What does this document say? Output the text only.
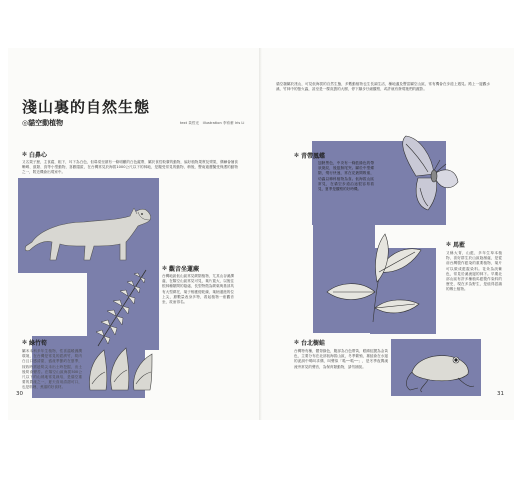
淺山裏的自然生態
◎貓空動植物	text 黃哲光　illustration 李宥蓁 Iris Li
✻ 白鼻心
又名果子狸，主食腐，粗下，耳下為白色，但鼻梁至頸有一條明顯的白色縱帶，屬於食性較廣的動物，偏好植物果實及漿果，偶爾會捕食蜥蜴、鼠類、鳥等小型動物，喜歡隱匿，在台灣常見於海拔1000公尺以下的林地，是擬受常見的動物，稍後，豐南過遭擬受保護的動物之一，附近機會出現家中。
✻ 觀音坐蓮蕨
台灣地區低山區常見蕨類植物，尤其山谷溪澗處，在陽空山區常見可見，葉片寬大，以後往根林種類間的蔭處，長型特徵為蕨葉與基部具有大型蕨托，葉子相應便乾燥，葉柄還進的位上尖，據數量表身多特，看起植物一座觀音坐，故而得名。
✻ 綠竹筍
屬禾本科多年生植物，性喜溫暖濕潤環境，在台灣是常見的經濟竹，筍肉白且口感清甜，盛產季節約在夏季，採收時需趁筍尖未出土時挖掘，出土後筍會變苦。在陽空山區海拔500公尺以下的山坡地常見栽培，是貓空重要的農產之一，夏天食用清甜可口，也是料理、煮湯的好食材。
30
貓空隸屬於淺山，可見低海拔的自然生態，多數動植物也生長調生活，種地適及豐富屬空山區，常有機會在步道上遇見。路上一邊觀水溪、竹林中的螢火蟲，甚至是一棵高聳的大樹，停下腳步仔細觀察，或許就有發現牠們的蹤影。
✻ 青帶鳳蝶
翅膀黑色，中央有一條藍綠色的帶狀斑紋，後翅無尾突。屬於中型蝶類，飛行快速，常在花叢間吸蜜，幼蟲以樟科植物為食。低海拔山區常見，在貓空步道沿途很容易看見，夏季是觀察的好時機。
✻ 馬藍
又稱大青，山藍，多年生草本植物，喜好群生於山區陰濕處，是從前台灣製作藍染的重要植物，葉片可以做成藍靛染料。花朵為淡紫色，常見於溪流邊的林下。早期北部山區有許多種植馬藍製作染料的歷史，現在多為野生，是值得認識的鄉土植物。
✻ 台北樹蛙
台灣特有種，體背綠色，腹部為白色帶黃，眼睛虹膜為金黃色，主要分布在北部低海拔山區，冬季繁殖，雄蛙會在水邊的泥洞中鳴叫求偶，叫聲似「呱──呱──」，是冬季夜間溪流旁常見的聲音，為保育類動物，請勿捕捉。
31
